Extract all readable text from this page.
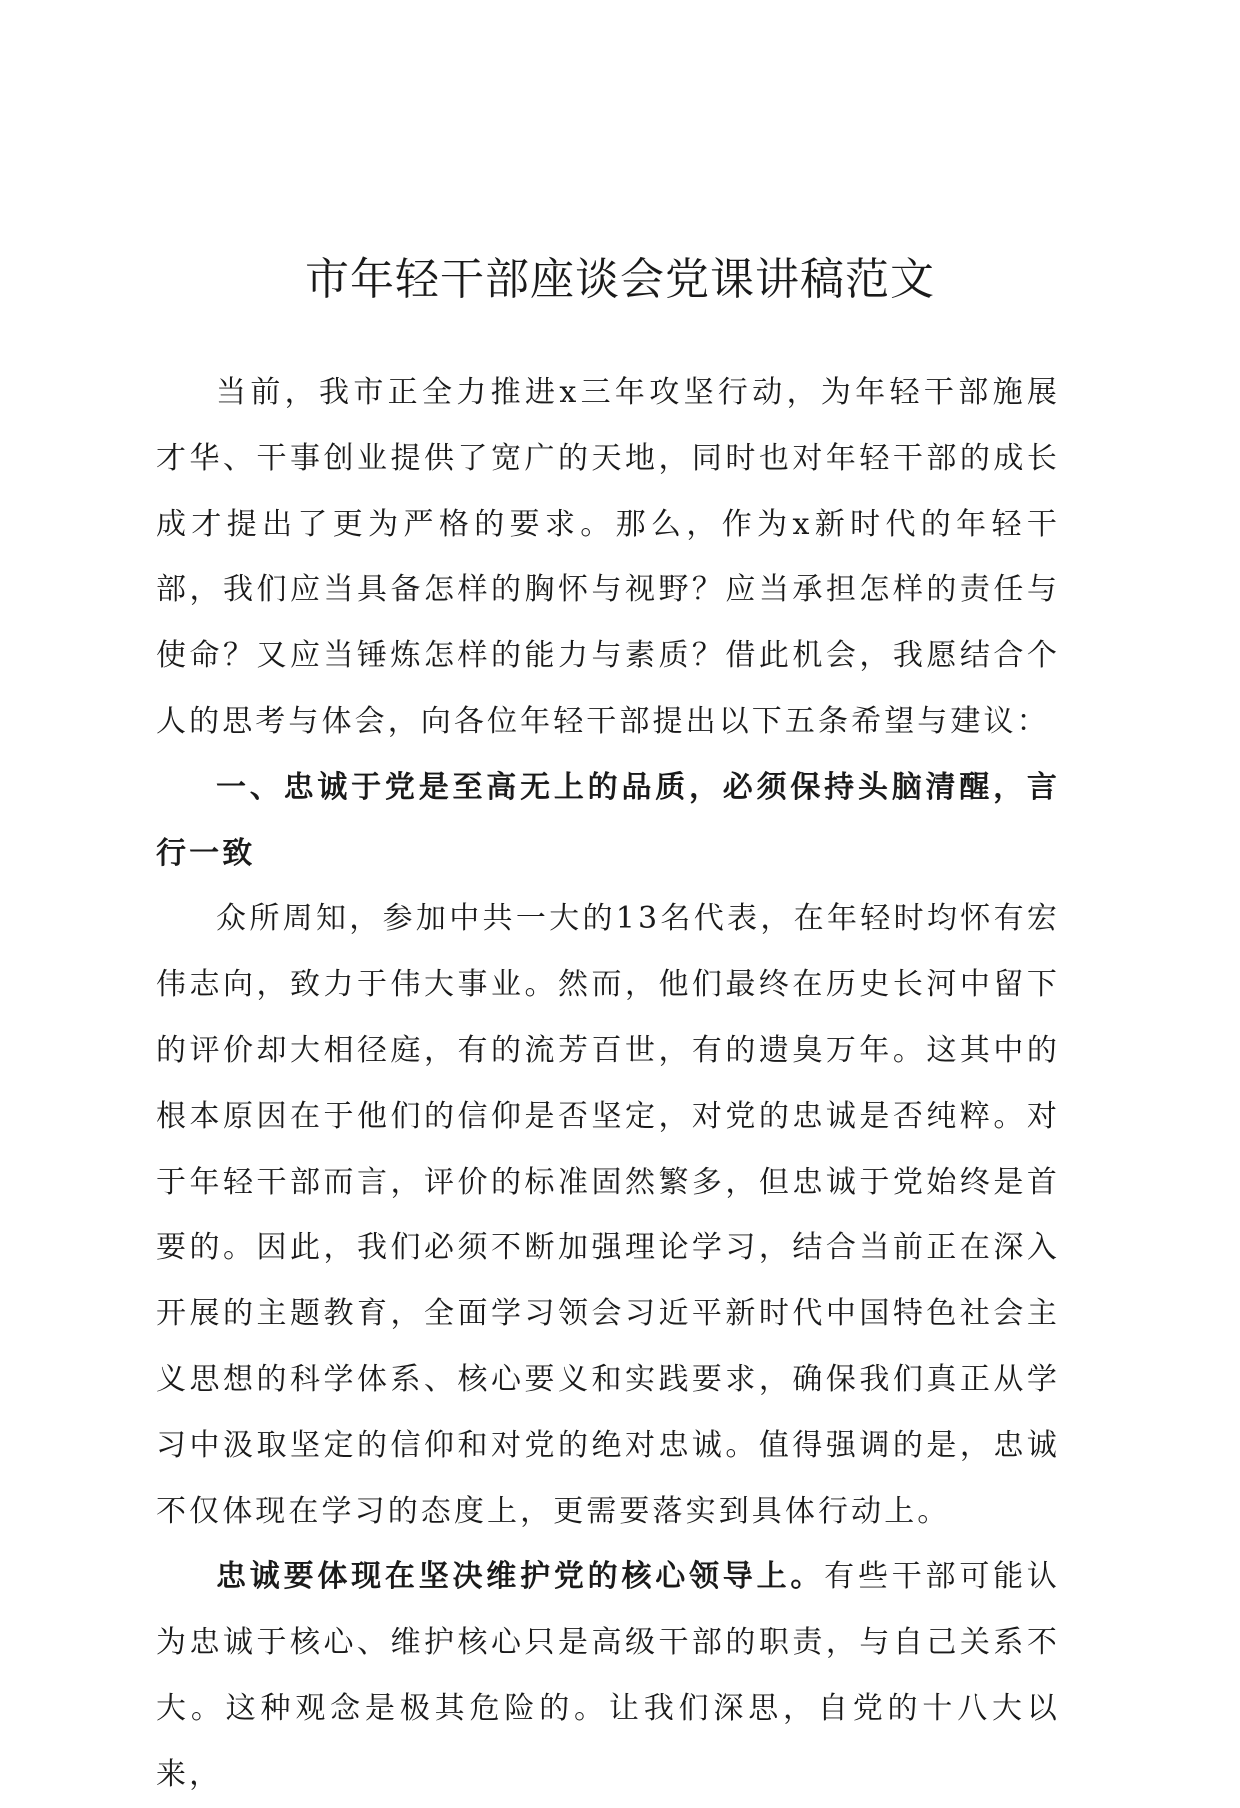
市年轻干部座谈会党课讲稿范文

当前，我市正全力推进x三年攻坚行动，为年轻干部施展才华、干事创业提供了宽广的天地，同时也对年轻干部的成长成才提出了更为严格的要求。那么，作为x新时代的年轻干部，我们应当具备怎样的胸怀与视野？应当承担怎样的责任与使命？又应当锤炼怎样的能力与素质？借此机会，我愿结合个人的思考与体会，向各位年轻干部提出以下五条希望与建议：

一、忠诚于党是至高无上的品质，必须保持头脑清醒，言行一致

众所周知，参加中共一大的13名代表，在年轻时均怀有宏伟志向，致力于伟大事业。然而，他们最终在历史长河中留下的评价却大相径庭，有的流芳百世，有的遗臭万年。这其中的根本原因在于他们的信仰是否坚定，对党的忠诚是否纯粹。对于年轻干部而言，评价的标准固然繁多，但忠诚于党始终是首要的。因此，我们必须不断加强理论学习，结合当前正在深入开展的主题教育，全面学习领会习近平新时代中国特色社会主义思想的科学体系、核心要义和实践要求，确保我们真正从学习中汲取坚定的信仰和对党的绝对忠诚。值得强调的是，忠诚不仅体现在学习的态度上，更需要落实到具体行动上。

忠诚要体现在坚决维护党的核心领导上。有些干部可能认为忠诚于核心、维护核心只是高级干部的职责，与自己关系不大。这种观念是极其危险的。让我们深思，自党的十八大以来，
